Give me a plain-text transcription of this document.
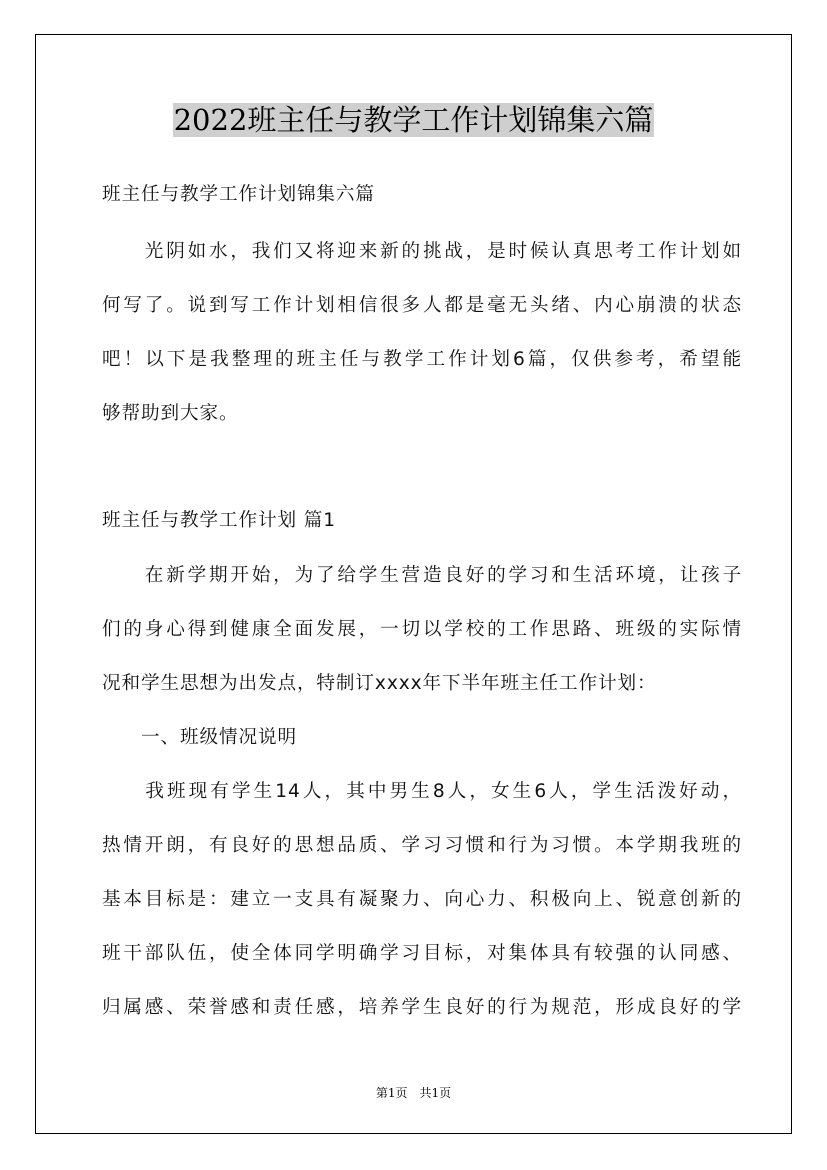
2022班主任与教学工作计划锦集六篇
班主任与教学工作计划锦集六篇
　　光阴如水，我们又将迎来新的挑战，是时候认真思考工作计划如
何写了。说到写工作计划相信很多人都是毫无头绪、内心崩溃的状态
吧！以下是我整理的班主任与教学工作计划6篇，仅供参考，希望能
够帮助到大家。
班主任与教学工作计划 篇1
　　在新学期开始，为了给学生营造良好的学习和生活环境，让孩子
们的身心得到健康全面发展，一切以学校的工作思路、班级的实际情
况和学生思想为出发点，特制订xxxx年下半年班主任工作计划：
　　一、班级情况说明
　　我班现有学生14人，其中男生8人，女生6人，学生活泼好动，
热情开朗，有良好的思想品质、学习习惯和行为习惯。本学期我班的
基本目标是：建立一支具有凝聚力、向心力、积极向上、锐意创新的
班干部队伍，使全体同学明确学习目标，对集体具有较强的认同感、
归属感、荣誉感和责任感，培养学生良好的行为规范，形成良好的学
第1页　共1页
